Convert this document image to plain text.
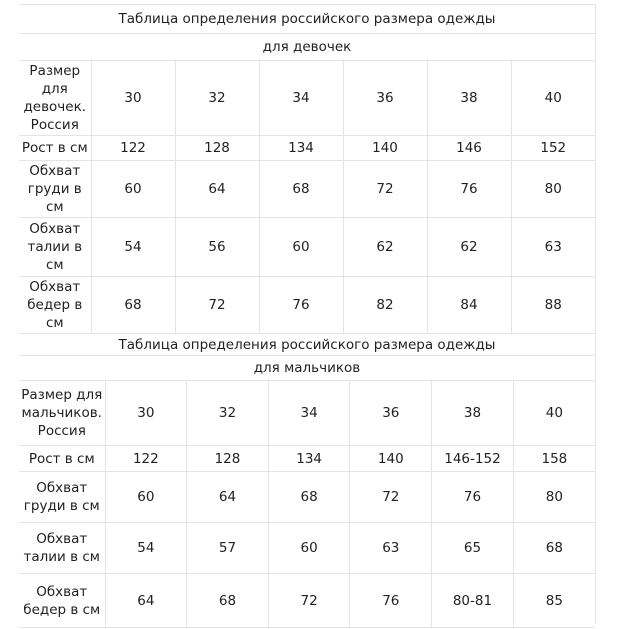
Таблица определения российского размера одежды
для девочек
Размер для девочек. Россия	30	32	34	36	38	40
Рост в см	122	128	134	140	146	152
Обхват груди в см	60	64	68	72	76	80
Обхват талии в см	54	56	60	62	62	63
Обхват бедер в см	68	72	76	82	84	88
Таблица определения российского размера одежды
для мальчиков
Размер для мальчиков. Россия	30	32	34	36	38	40
Рост в см	122	128	134	140	146-152	158
Обхват груди в см	60	64	68	72	76	80
Обхват талии в см	54	57	60	63	65	68
Обхват бедер в см	64	68	72	76	80-81	85
